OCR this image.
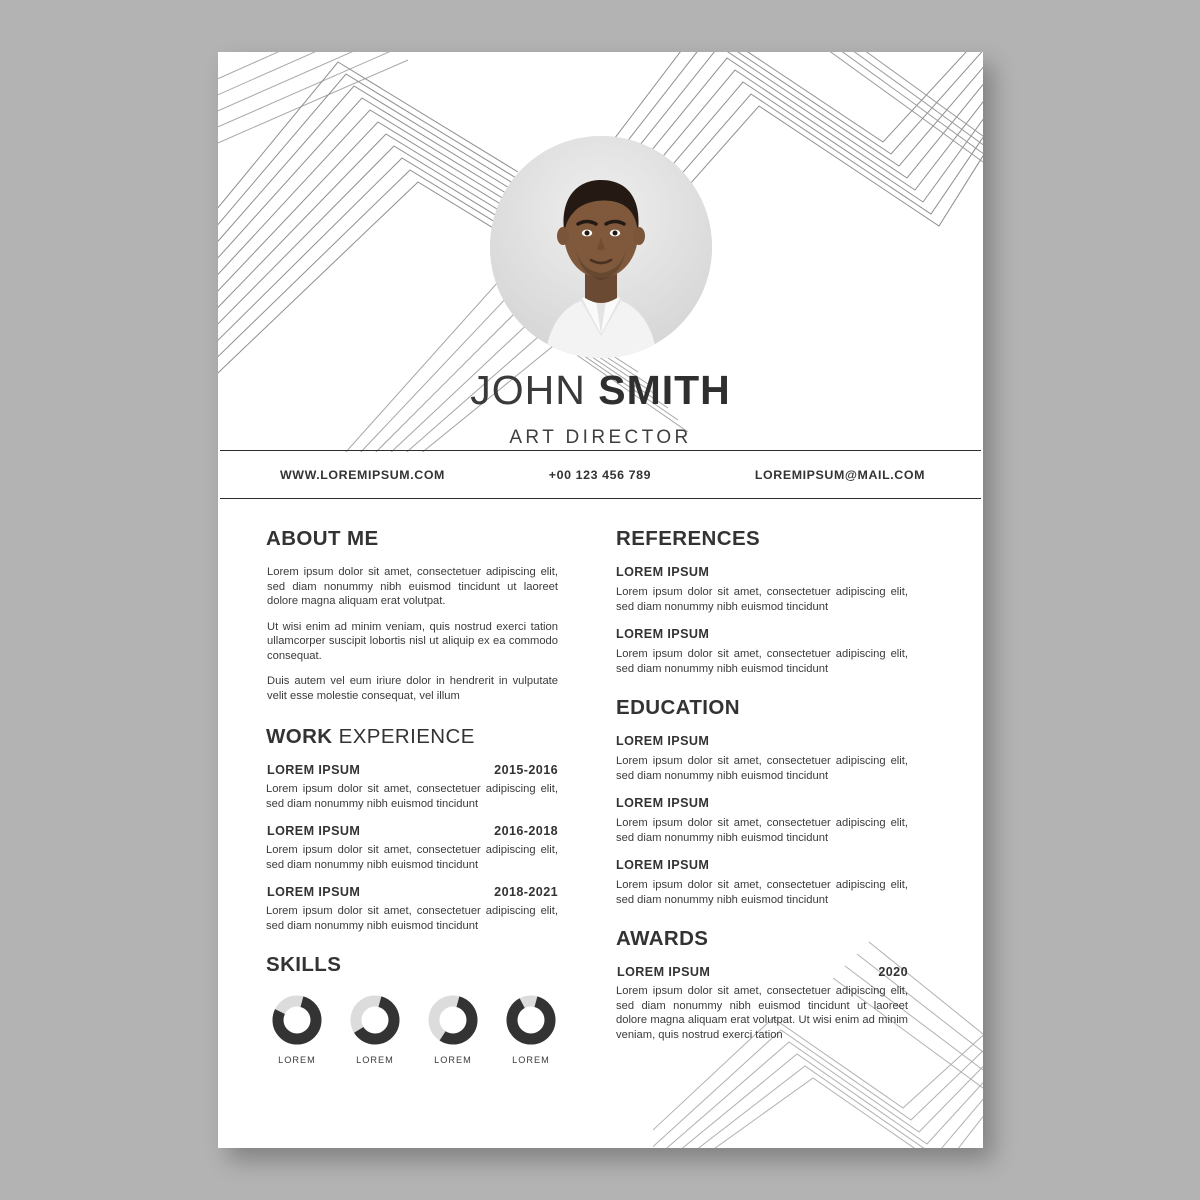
JOHN SMITH
ART DIRECTOR
WWW.LOREMIPSUM.COM	+00 123 456 789	LOREMIPSUM@MAIL.COM
ABOUT ME

Lorem ipsum dolor sit amet, consectetuer adipiscing elit, sed diam nonummy nibh euismod tincidunt ut laoreet dolore magna aliquam erat volutpat.

Ut wisi enim ad minim veniam, quis nostrud exerci tation ullamcorper suscipit lobortis nisl ut aliquip ex ea commodo consequat.

Duis autem vel eum iriure dolor in hendrerit in vulputate velit esse molestie consequat, vel illum

WORK EXPERIENCE
LOREM IPSUM	2015-2016

Lorem ipsum dolor sit amet, consectetuer adipiscing elit, sed diam nonummy nibh euismod tincidunt

LOREM IPSUM	2016-2018

Lorem ipsum dolor sit amet, consectetuer adipiscing elit, sed diam nonummy nibh euismod tincidunt

LOREM IPSUM	2018-2021

Lorem ipsum dolor sit amet, consectetuer adipiscing elit, sed diam nonummy nibh euismod tincidunt

SKILLS
LOREM	LOREM	LOREM	LOREM
REFERENCES
LOREM IPSUM

Lorem ipsum dolor sit amet, consectetuer adipiscing elit, sed diam nonummy nibh euismod tincidunt

LOREM IPSUM

Lorem ipsum dolor sit amet, consectetuer adipiscing elit, sed diam nonummy nibh euismod tincidunt

EDUCATION
LOREM IPSUM

Lorem ipsum dolor sit amet, consectetuer adipiscing elit, sed diam nonummy nibh euismod tincidunt

LOREM IPSUM

Lorem ipsum dolor sit amet, consectetuer adipiscing elit, sed diam nonummy nibh euismod tincidunt

LOREM IPSUM

Lorem ipsum dolor sit amet, consectetuer adipiscing elit, sed diam nonummy nibh euismod tincidunt

AWARDS
LOREM IPSUM	2020

Lorem ipsum dolor sit amet, consectetuer adipiscing elit, sed diam nonummy nibh euismod tincidunt ut laoreet dolore magna aliquam erat volutpat. Ut wisi enim ad minim veniam, quis nostrud exerci tation
